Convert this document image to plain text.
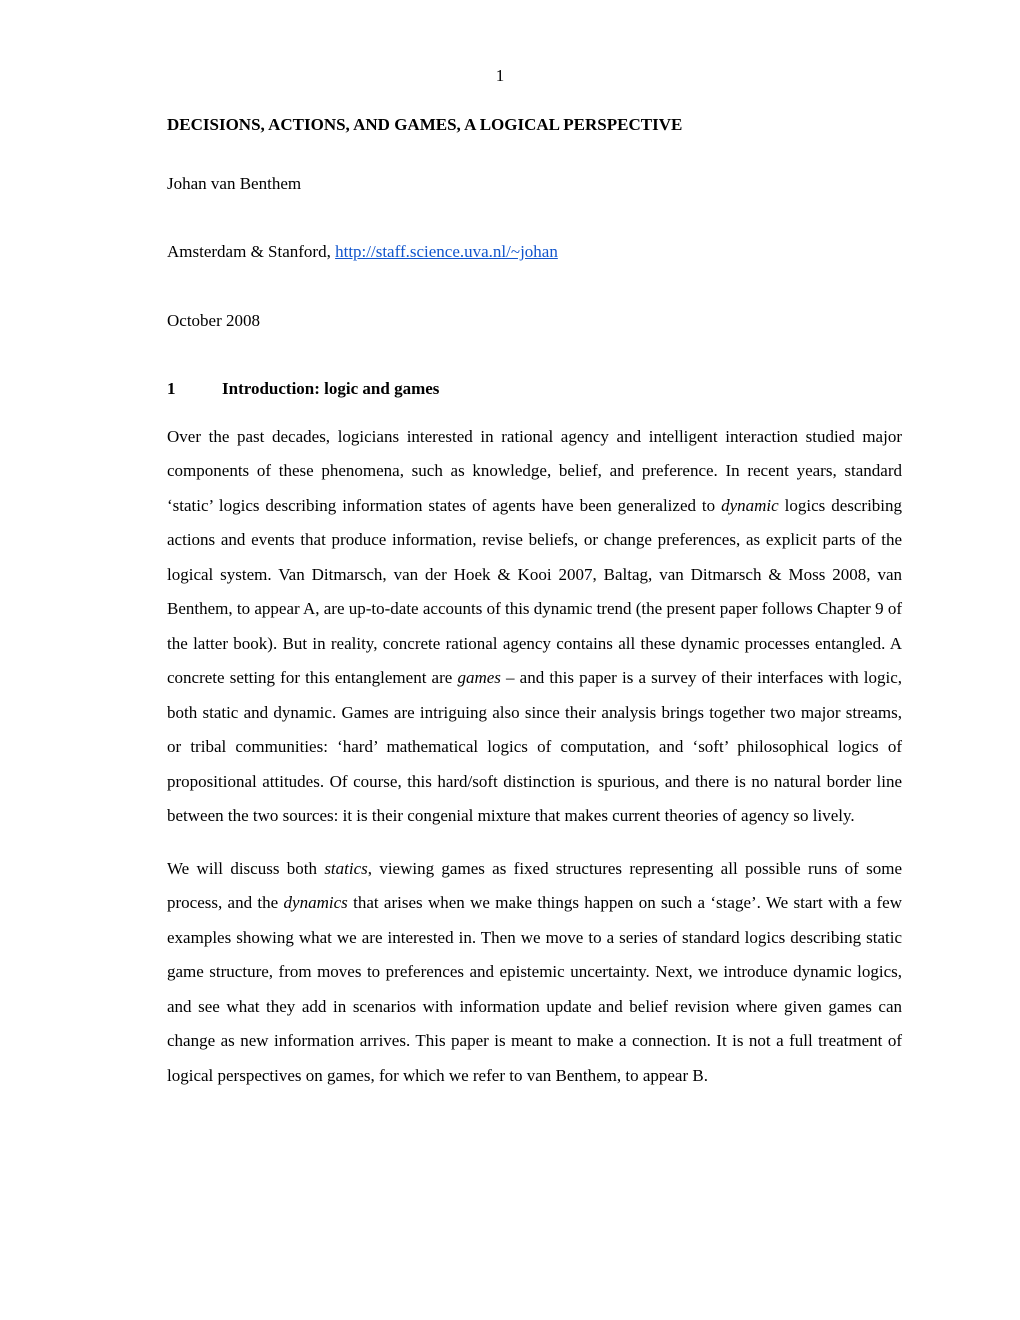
1
DECISIONS, ACTIONS, AND GAMES, A LOGICAL PERSPECTIVE

Johan van Benthem

Amsterdam & Stanford, http://staff.science.uva.nl/~johan

October 2008

1	Introduction: logic and games

Over the past decades, logicians interested in rational agency and intelligent interaction studied major components of these phenomena, such as knowledge, belief, and preference. In recent years, standard ‘static’ logics describing information states of agents have been generalized to dynamic logics describing actions and events that produce information, revise beliefs, or change preferences, as explicit parts of the logical system. Van Ditmarsch, van der Hoek & Kooi 2007, Baltag, van Ditmarsch & Moss 2008, van Benthem, to appear A, are up-to-date accounts of this dynamic trend (the present paper follows Chapter 9 of the latter book). But in reality, concrete rational agency contains all these dynamic processes entangled. A concrete setting for this entanglement are games – and this paper is a survey of their interfaces with logic, both static and dynamic. Games are intriguing also since their analysis brings together two major streams, or tribal communities: ‘hard’ mathematical logics of computation, and ‘soft’ philosophical logics of propositional attitudes. Of course, this hard/soft distinction is spurious, and there is no natural border line between the two sources: it is their congenial mixture that makes current theories of agency so lively.

We will discuss both statics, viewing games as fixed structures representing all possible runs of some process, and the dynamics that arises when we make things happen on such a ‘stage’. We start with a few examples showing what we are interested in. Then we move to a series of standard logics describing static game structure, from moves to preferences and epistemic uncertainty. Next, we introduce dynamic logics, and see what they add in scenarios with information update and belief revision where given games can change as new information arrives. This paper is meant to make a connection. It is not a full treatment of logical perspectives on games, for which we refer to van Benthem, to appear B.
